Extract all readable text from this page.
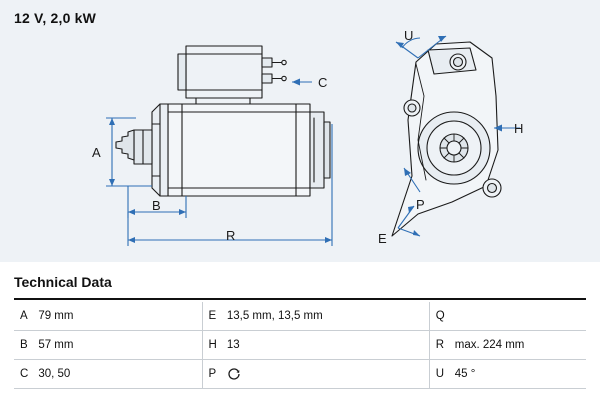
12 V, 2,0 kW
A
B
R
C
U
H
P
E
Technical Data
A	79 mm	E	13,5 mm, 13,5 mm	Q	
B	57 mm	H	13	R	max. 224 mm
C	30, 50	P		U	45 °
